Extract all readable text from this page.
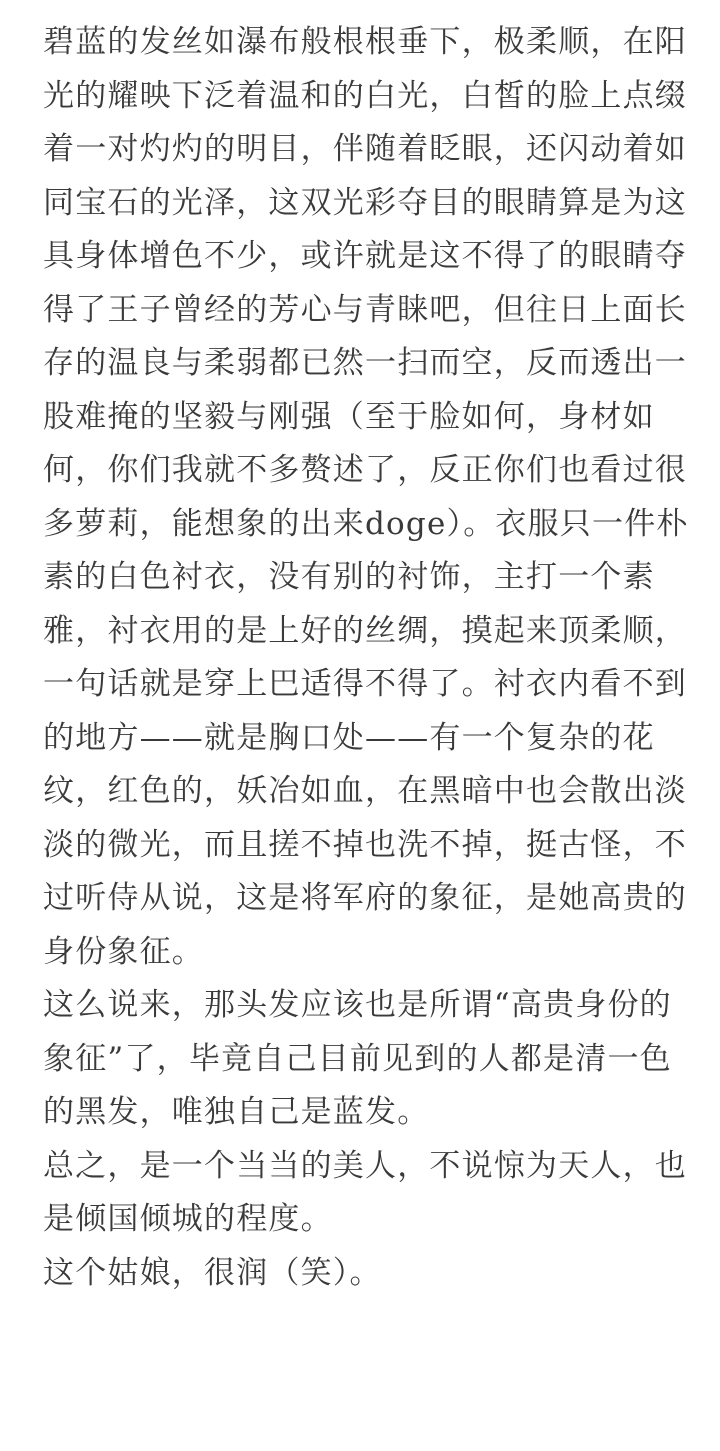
碧蓝的发丝如瀑布般根根垂下，极柔顺，在阳
光的耀映下泛着温和的白光，白皙的脸上点缀
着一对灼灼的明目，伴随着眨眼，还闪动着如
同宝石的光泽，这双光彩夺目的眼睛算是为这
具身体增色不少，或许就是这不得了的眼睛夺
得了王子曾经的芳心与青睐吧，但往日上面长
存的温良与柔弱都已然一扫而空，反而透出一
股难掩的坚毅与刚强（至于脸如何，身材如
何，你们我就不多赘述了，反正你们也看过很
多萝莉，能想象的出来doge）。衣服只一件朴
素的白色衬衣，没有别的衬饰，主打一个素
雅，衬衣用的是上好的丝绸，摸起来顶柔顺，
一句话就是穿上巴适得不得了。衬衣内看不到
的地方——就是胸口处——有一个复杂的花
纹，红色的，妖冶如血，在黑暗中也会散出淡
淡的微光，而且搓不掉也洗不掉，挺古怪，不
过听侍从说，这是将军府的象征，是她高贵的
身份象征。
这么说来，那头发应该也是所谓“高贵身份的
象征”了，毕竟自己目前见到的人都是清一色
的黑发，唯独自己是蓝发。
总之，是一个当当的美人，不说惊为天人，也
是倾国倾城的程度。
这个姑娘，很润（笑）。
